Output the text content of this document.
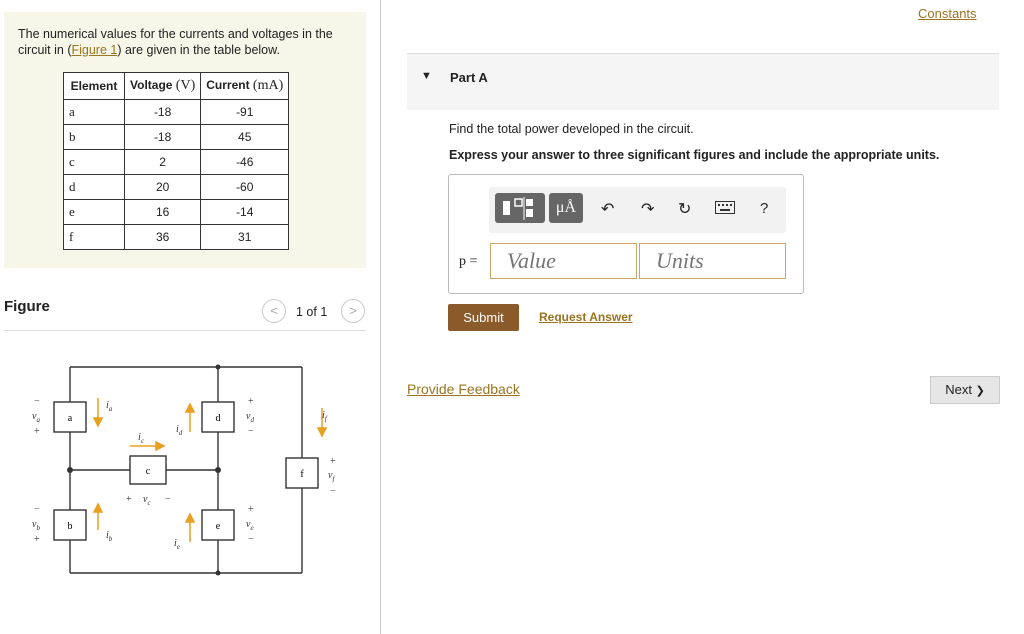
The numerical values for the currents and voltages in the circuit in (Figure 1) are given in the table below.
Element	Voltage (V)	Current (mA)
a	-18	-91
b	-18	45
c	2	-46
d	20	-60
e	16	-14
f	36	31
Figure	<	1 of 1	>
a
b
c
d
e
f
$i_a$
$i_b$
$i_c$
$i_d$
$i_e$
$i_f$
−
$v_a$
+
−
$v_b$
+
+ $v_c$ −
+
$v_d$
−
+
$v_e$
−
+
$v_f$
−
Constants
▼ Part A
Find the total power developed in the circuit.
Express your answer to three significant figures and include the appropriate units.
μÅ	↶ ↷ ↻	?
p =
Value
Units
Submit	Request Answer
Provide Feedback	Next ❯
